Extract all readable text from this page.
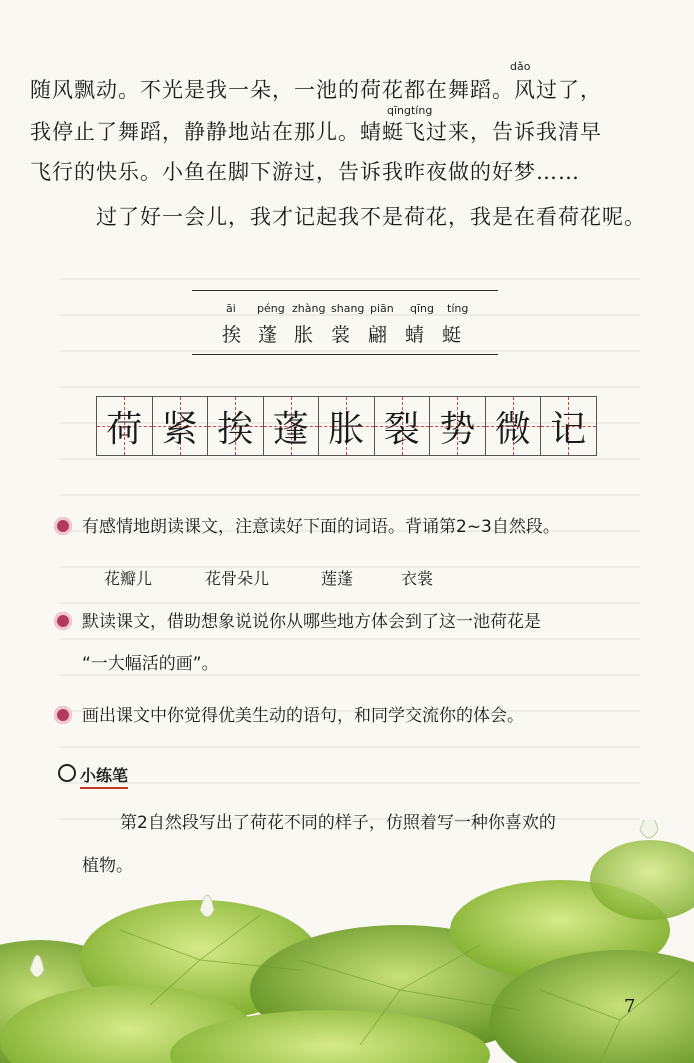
dǎo
随风飘动。不光是我一朵，一池的荷花都在舞蹈。风过了，
qīngtíng
我停止了舞蹈，静静地站在那儿。蜻蜓飞过来，告诉我清早
飞行的快乐。小鱼在脚下游过，告诉我昨夜做的好梦……
过了好一会儿，我才记起我不是荷花，我是在看荷花呢。
āi péng zhàng shang piān qīng tíng
挨 蓬 胀 裳 翩 蜻 蜓
荷 紧 挨 蓬 胀 裂 势 微 记
有感情地朗读课文，注意读好下面的词语。背诵第2~3自然段。
花瓣儿	花骨朵儿	莲蓬	衣裳
默读课文，借助想象说说你从哪些地方体会到了这一池荷花是
“一大幅活的画”。
画出课文中你觉得优美生动的语句，和同学交流你的体会。
小练笔
第2自然段写出了荷花不同的样子，仿照着写一种你喜欢的
植物。
7
